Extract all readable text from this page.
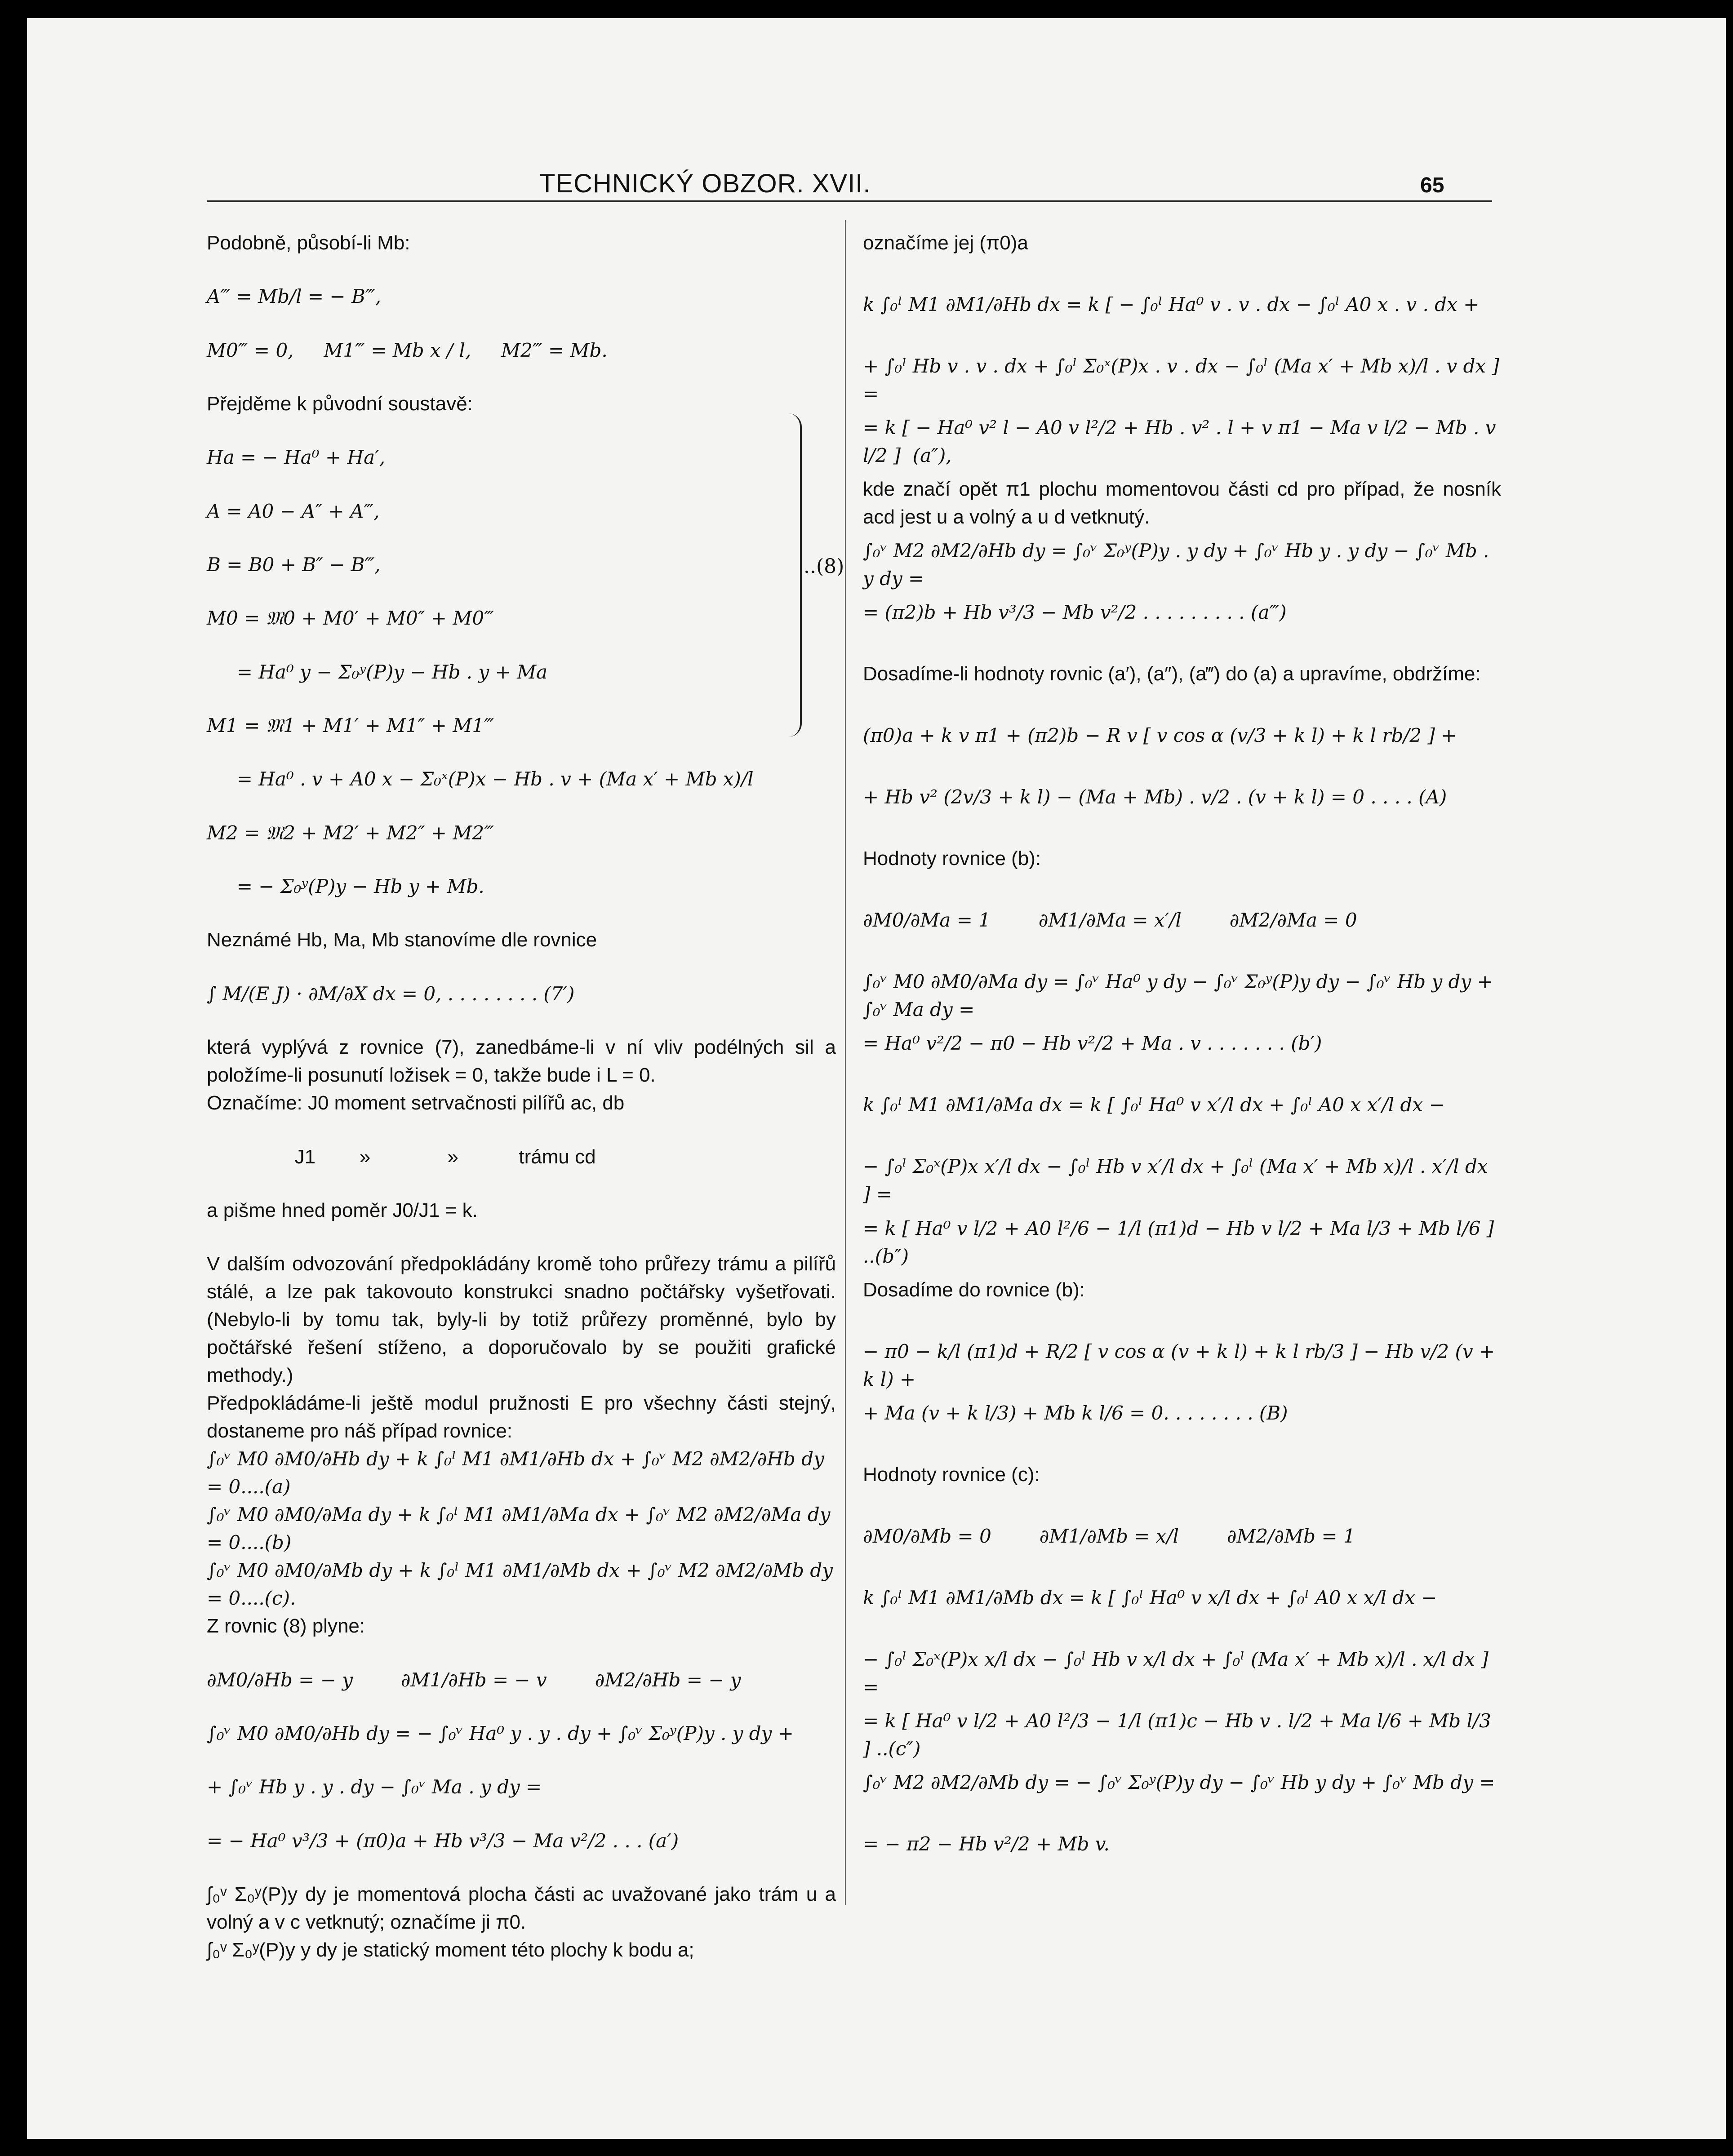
TECHNICKÝ OBZOR. XVII.	65

Podobně, působí-li Mb:

A‴ = Mb/l = − B‴,

M0‴ = 0,     M1‴ = Mb x / l,     M2‴ = Mb.

Přejděme k původní soustavě:

Ha = − Ha⁰ + Ha′,

A = A0 − A″ + A‴,

B = B0 + B″ − B‴,

M0 = 𝔐0 + M0′ + M0″ + M0‴

= Ha⁰ y − Σ₀ʸ(P)y − Hb . y + Ma

M1 = 𝔐1 + M1′ + M1″ + M1‴

= Ha⁰ . v + A0 x − Σ₀ˣ(P)x − Hb . v + (Ma x′ + Mb x)/l

M2 = 𝔐2 + M2′ + M2″ + M2‴

= − Σ₀ʸ(P)y − Hb y + Mb.

Neznámé Hb, Ma, Mb stanovíme dle rovnice

∫ M/(E J) · ∂M/∂X dx = 0, . . . . . . . . (7′)

která vyplývá z rovnice (7), zanedbáme-li v ní vliv podélných sil a položíme-li posunutí ložisek = 0, takže bude i L = 0.

Označíme: J0 moment setrvačnosti pilířů ac, db

J1        »              »           trámu cd

a pišme hned poměr J0/J1 = k.

V dalším odvozování předpokládány kromě toho průřezy trámu a pilířů stálé, a lze pak takovouto konstrukci snadno počtářsky vyšetřovati. (Nebylo-li by tomu tak, byly-li by totiž průřezy proměnné, bylo by počtářské řešení stíženo, a doporučovalo by se použiti grafické methody.)

Předpokládáme-li ještě modul pružnosti E pro všechny části stejný, dostaneme pro náš případ rovnice:

∫₀ᵛ M0 ∂M0/∂Hb dy + k ∫₀ˡ M1 ∂M1/∂Hb dx + ∫₀ᵛ M2 ∂M2/∂Hb dy = 0....(a)

∫₀ᵛ M0 ∂M0/∂Ma dy + k ∫₀ˡ M1 ∂M1/∂Ma dx + ∫₀ᵛ M2 ∂M2/∂Ma dy = 0....(b)

∫₀ᵛ M0 ∂M0/∂Mb dy + k ∫₀ˡ M1 ∂M1/∂Mb dx + ∫₀ᵛ M2 ∂M2/∂Mb dy = 0....(c).

Z rovnic (8) plyne:

∂M0/∂Hb = − y        ∂M1/∂Hb = − v        ∂M2/∂Hb = − y

∫₀ᵛ M0 ∂M0/∂Hb dy = − ∫₀ᵛ Ha⁰ y . y . dy + ∫₀ᵛ Σ₀ʸ(P)y . y dy +

+ ∫₀ᵛ Hb y . y . dy − ∫₀ᵛ Ma . y dy =

= − Ha⁰ v³/3 + (π0)a + Hb v³/3 − Ma v²/2 . . . (a′)

∫₀ᵛ Σ₀ʸ(P)y dy je momentová plocha části ac uvažované jako trám u a volný a v c vetknutý; označíme ji π0.

∫₀ᵛ Σ₀ʸ(P)y y dy je statický moment této plochy k bodu a;

označíme jej (π0)a

k ∫₀ˡ M1 ∂M1/∂Hb dx = k [ − ∫₀ˡ Ha⁰ v . v . dx − ∫₀ˡ A0 x . v . dx +

+ ∫₀ˡ Hb v . v . dx + ∫₀ˡ Σ₀ˣ(P)x . v . dx − ∫₀ˡ (Ma x′ + Mb x)/l . v dx ] =

= k [ − Ha⁰ v² l − A0 v l²/2 + Hb . v² . l + v π1 − Ma v l/2 − Mb . v l/2 ]  (a″),

kde značí opět π1 plochu momentovou části cd pro případ, že nosník acd jest u a volný a u d vetknutý.

∫₀ᵛ M2 ∂M2/∂Hb dy = ∫₀ᵛ Σ₀ʸ(P)y . y dy + ∫₀ᵛ Hb y . y dy − ∫₀ᵛ Mb . y dy =

= (π2)b + Hb v³/3 − Mb v²/2 . . . . . . . . . (a‴)

Dosadíme-li hodnoty rovnic (a′), (a″), (a‴) do (a) a upravíme, obdržíme:

(π0)a + k v π1 + (π2)b − R v [ v cos α (v/3 + k l) + k l rb/2 ] +

+ Hb v² (2v/3 + k l) − (Ma + Mb) . v/2 . (v + k l) = 0 . . . . (A)

Hodnoty rovnice (b):

∂M0/∂Ma = 1        ∂M1/∂Ma = x′/l        ∂M2/∂Ma = 0

∫₀ᵛ M0 ∂M0/∂Ma dy = ∫₀ᵛ Ha⁰ y dy − ∫₀ᵛ Σ₀ʸ(P)y dy − ∫₀ᵛ Hb y dy + ∫₀ᵛ Ma dy =

= Ha⁰ v²/2 − π0 − Hb v²/2 + Ma . v . . . . . . . (b′)

k ∫₀ˡ M1 ∂M1/∂Ma dx = k [ ∫₀ˡ Ha⁰ v x′/l dx + ∫₀ˡ A0 x x′/l dx −

− ∫₀ˡ Σ₀ˣ(P)x x′/l dx − ∫₀ˡ Hb v x′/l dx + ∫₀ˡ (Ma x′ + Mb x)/l . x′/l dx ] =

= k [ Ha⁰ v l/2 + A0 l²/6 − 1/l (π1)d − Hb v l/2 + Ma l/3 + Mb l/6 ] ..(b″)

Dosadíme do rovnice (b):

− π0 − k/l (π1)d + R/2 [ v cos α (v + k l) + k l rb/3 ] − Hb v/2 (v + k l) +

+ Ma (v + k l/3) + Mb k l/6 = 0. . . . . . . . (B)

Hodnoty rovnice (c):

∂M0/∂Mb = 0        ∂M1/∂Mb = x/l        ∂M2/∂Mb = 1

k ∫₀ˡ M1 ∂M1/∂Mb dx = k [ ∫₀ˡ Ha⁰ v x/l dx + ∫₀ˡ A0 x x/l dx −

− ∫₀ˡ Σ₀ˣ(P)x x/l dx − ∫₀ˡ Hb v x/l dx + ∫₀ˡ (Ma x′ + Mb x)/l . x/l dx ] =

= k [ Ha⁰ v l/2 + A0 l²/3 − 1/l (π1)c − Hb v . l/2 + Ma l/6 + Mb l/3 ] ..(c″)

∫₀ᵛ M2 ∂M2/∂Mb dy = − ∫₀ᵛ Σ₀ʸ(P)y dy − ∫₀ᵛ Hb y dy + ∫₀ᵛ Mb dy =

= − π2 − Hb v²/2 + Mb v.

..(8)
